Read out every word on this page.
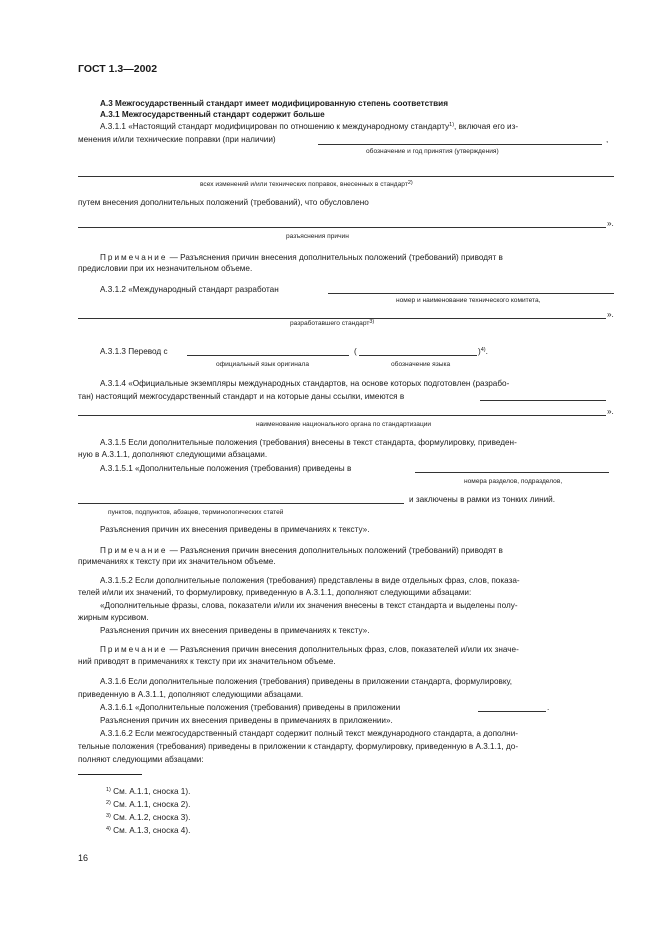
ГОСТ 1.3—2002
А.3 Межгосударственный стандарт имеет модифицированную степень соответствия
А.3.1 Межгосударственный стандарт содержит больше
А.3.1.1 «Настоящий стандарт модифицирован по отношению к международному стандарту$^{1)}$, включая его из-
менения и/или технические поправки (при наличии)	,
обозначение и год принятия (утверждения)
всех изменений и/или технических поправок, внесенных в стандарт$^{2)}$
путем внесения дополнительных положений (требований), что обусловлено
».
разъяснения причин
Примечание — Разъяснения причин внесения дополнительных положений (требований) приводят в
предисловии при их незначительном объеме.
А.3.1.2 «Международный стандарт разработан
номер и наименование технического комитета,
».
разработавшего стандарт$^{3)}$
А.3.1.3 Перевод с	(	)$^{4)}$.
официальный язык оригинала	обозначение языка
А.3.1.4 «Официальные экземпляры международных стандартов, на основе которых подготовлен (разрабо-
тан) настоящий межгосударственный стандарт и на которые даны ссылки, имеются в
».
наименование национального органа по стандартизации
А.3.1.5 Если дополнительные положения (требования) внесены в текст стандарта, формулировку, приведен-
ную в А.3.1.1, дополняют следующими абзацами.
А.3.1.5.1 «Дополнительные положения (требования) приведены в
номера разделов, подразделов,
и заключены в рамки из тонких линий.
пунктов, подпунктов, абзацев, терминологических статей
Разъяснения причин их внесения приведены в примечаниях к тексту».
Примечание — Разъяснения причин внесения дополнительных положений (требований) приводят в
примечаниях к тексту при их значительном объеме.
А.3.1.5.2 Если дополнительные положения (требования) представлены в виде отдельных фраз, слов, показа-
телей и/или их значений, то формулировку, приведенную в А.3.1.1, дополняют следующими абзацами:
«Дополнительные фразы, слова, показатели и/или их значения внесены в текст стандарта и выделены полу-
жирным курсивом.
Разъяснения причин их внесения приведены в примечаниях к тексту».
Примечание — Разъяснения причин внесения дополнительных фраз, слов, показателей и/или их значе-
ний приводят в примечаниях к тексту при их значительном объеме.
А.3.1.6 Если дополнительные положения (требования) приведены в приложении стандарта, формулировку,
приведенную в А.3.1.1, дополняют следующими абзацами.
А.3.1.6.1 «Дополнительные положения (требования) приведены в приложении	.
Разъяснения причин их внесения приведены в примечаниях в приложении».
А.3.1.6.2 Если межгосударственный стандарт содержит полный текст международного стандарта, а дополни-
тельные положения (требования) приведены в приложении к стандарту, формулировку, приведенную в А.3.1.1, до-
полняют следующими абзацами:
$^{1)}$ См. А.1.1, сноска 1).
$^{2)}$ См. А.1.1, сноска 2).
$^{3)}$ См. А.1.2, сноска 3).
$^{4)}$ См. А.1.3, сноска 4).
16
